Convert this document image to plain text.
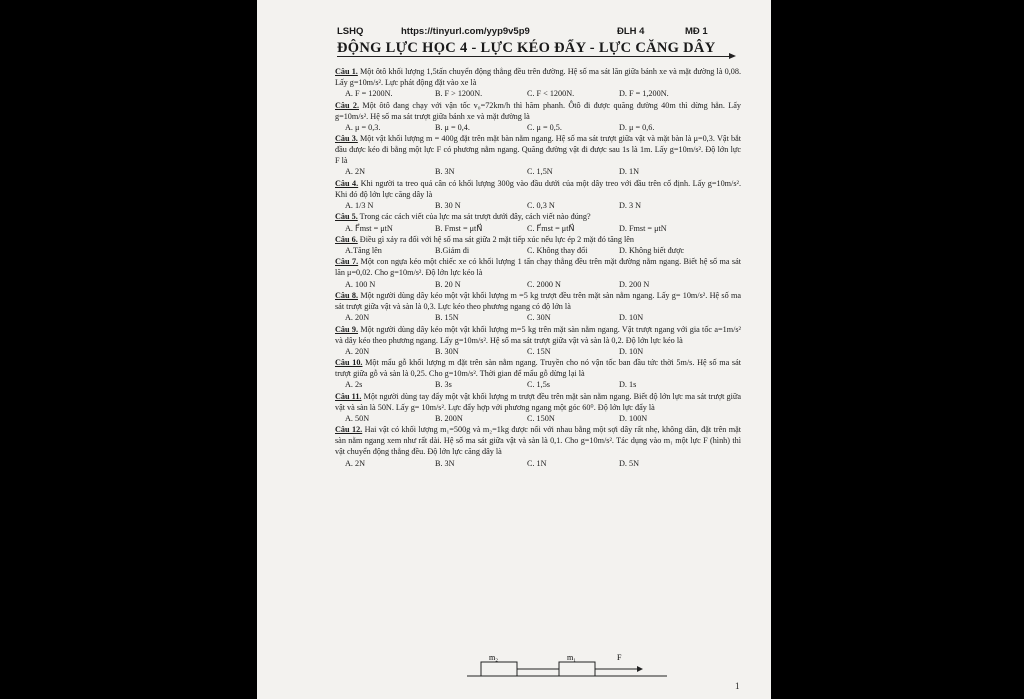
LSHQ	https://tinyurl.com/yyp9v5p9	ĐLH 4	MĐ 1
ĐỘNG LỰC HỌC 4 - LỰC KÉO ĐẨY - LỰC CĂNG DÂY

Câu 1. Một ôtô khối lượng 1,5tấn chuyển động thẳng đều trên đường. Hệ số ma sát lăn giữa bánh xe và mặt đường là 0,08. Lấy g=10m/s². Lực phát động đặt vào xe là

A. F = 1200N.	B. F > 1200N.	C. F < 1200N.	D. F = 1,200N.

Câu 2. Một ôtô đang chạy với vận tốc v₀=72km/h thì hãm phanh. Ôtô đi được quãng đường 40m thì dừng hẳn. Lấy g=10m/s². Hệ số ma sát trượt giữa bánh xe và mặt đường là

A. μ = 0,3.	B. μ = 0,4.	C. μ = 0,5.	D. μ = 0,6.

Câu 3. Một vật khối lượng m = 400g đặt trên mặt bàn nằm ngang. Hệ số ma sát trượt giữa vật và mặt bàn là μ=0,3. Vật bắt đầu được kéo đi bằng một lực F có phương nằm ngang. Quãng đường vật đi được sau 1s là 1m. Lấy g=10m/s². Độ lớn lực F là

A. 2N	B. 3N	C. 1,5N	D. 1N

Câu 4. Khi người ta treo quả cân có khối lượng 300g vào đầu dưới của một dây treo với đầu trên cố định. Lấy g=10m/s². Khi đó độ lớn lực căng dây là

A. 1/3 N	B. 30 N	C. 0,3 N	D. 3 N

Câu 5. Trong các cách viết của lực ma sát trượt dưới đây, cách viết nào đúng?

A. F⃗mst = μtN	B. Fmst = μtN⃗	C. F⃗mst = μtN⃗	D. Fmst = μtN

Câu 6. Điều gì xảy ra đối với hệ số ma sát giữa 2 mặt tiếp xúc nếu lực ép 2 mặt đó tăng lên

A.Tăng lên	B.Giảm đi	C. Không thay đổi	D. Không biết được

Câu 7. Một con ngựa kéo một chiếc xe có khối lượng 1 tấn chạy thẳng đều trên mặt đường nằm ngang. Biết hệ số ma sát lăn μ=0,02. Cho g=10m/s². Độ lớn lực kéo là

A. 100 N	B. 20 N	C. 2000 N	D. 200 N

Câu 8. Một người dùng dây kéo một vật khối lượng m =5 kg trượt đều trên mặt sàn nằm ngang. Lấy g= 10m/s². Hệ số ma sát trượt giữa vật và sàn là 0,3. Lực kéo theo phương ngang có độ lớn là

A. 20N	B. 15N	C. 30N	D. 10N

Câu 9. Một người dùng dây kéo một vật khối lượng m=5 kg trên mặt sàn nằm ngang. Vật trượt ngang với gia tốc a=1m/s² và dây kéo theo phương ngang. Lấy g=10m/s². Hệ số ma sát trượt giữa vật và sàn là 0,2. Độ lớn lực kéo là

A. 20N	B. 30N	C. 15N	D. 10N

Câu 10. Một mẩu gỗ khối lượng m đặt trên sàn nằm ngang. Truyền cho nó vận tốc ban đầu tức thời 5m/s. Hệ số ma sát trượt giữa gỗ và sàn là 0,25. Cho g=10m/s². Thời gian để mẩu gỗ dừng lại là

A. 2s	B. 3s	C. 1,5s	D. 1s

Câu 11. Một người dùng tay đẩy một vật khối lượng m trượt đều trên mặt sàn nằm ngang. Biết độ lớn lực ma sát trượt giữa vật và sàn là 50N. Lấy g= 10m/s². Lực đẩy hợp với phương ngang một góc 60⁰. Độ lớn lực đẩy là

A. 50N	B. 200N	C. 150N	D. 100N

Câu 12. Hai vật có khối lượng m₁=500g và m₂=1kg được nối với nhau bằng một sợi dây rất nhẹ, không dãn, đặt trên mặt sàn nằm ngang xem như rất dài. Hệ số ma sát giữa vật và sàn là 0,1. Cho g=10m/s². Tác dụng vào m₁ một lực F (hình) thì vật chuyển động thẳng đều. Độ lớn lực căng dây là

A. 2N	B. 3N	C. 1N	D. 5N
m₂	m₁	F
1
